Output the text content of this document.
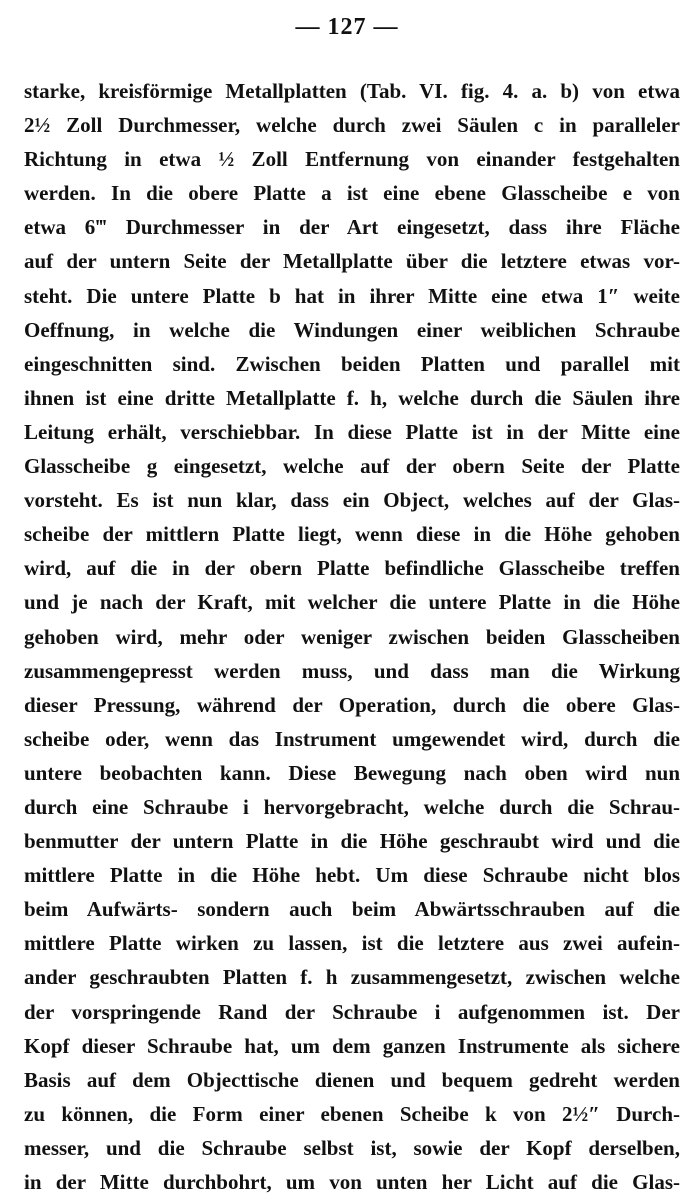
— 127 —
starke, kreisförmige Metallplatten (Tab. VI. fig. 4. a. b) von etwa
2½ Zoll Durchmesser, welche durch zwei Säulen c in paralleler
Richtung in etwa ½ Zoll Entfernung von einander festgehalten
werden. In die obere Platte a ist eine ebene Glasscheibe e von
etwa 6‴ Durchmesser in der Art eingesetzt, dass ihre Fläche
auf der untern Seite der Metallplatte über die letztere etwas vor-
steht. Die untere Platte b hat in ihrer Mitte eine etwa 1″ weite
Oeffnung, in welche die Windungen einer weiblichen Schraube
eingeschnitten sind. Zwischen beiden Platten und parallel mit
ihnen ist eine dritte Metallplatte f. h, welche durch die Säulen ihre
Leitung erhält, verschiebbar. In diese Platte ist in der Mitte eine
Glasscheibe g eingesetzt, welche auf der obern Seite der Platte
vorsteht. Es ist nun klar, dass ein Object, welches auf der Glas-
scheibe der mittlern Platte liegt, wenn diese in die Höhe gehoben
wird, auf die in der obern Platte befindliche Glasscheibe treffen
und je nach der Kraft, mit welcher die untere Platte in die Höhe
gehoben wird, mehr oder weniger zwischen beiden Glasscheiben
zusammengepresst werden muss, und dass man die Wirkung
dieser Pressung, während der Operation, durch die obere Glas-
scheibe oder, wenn das Instrument umgewendet wird, durch die
untere beobachten kann. Diese Bewegung nach oben wird nun
durch eine Schraube i hervorgebracht, welche durch die Schrau-
benmutter der untern Platte in die Höhe geschraubt wird und die
mittlere Platte in die Höhe hebt. Um diese Schraube nicht blos
beim Aufwärts- sondern auch beim Abwärtsschrauben auf die
mittlere Platte wirken zu lassen, ist die letztere aus zwei aufein-
ander geschraubten Platten f. h zusammengesetzt, zwischen welche
der vorspringende Rand der Schraube i aufgenommen ist. Der
Kopf dieser Schraube hat, um dem ganzen Instrumente als sichere
Basis auf dem Objecttische dienen und bequem gedreht werden
zu können, die Form einer ebenen Scheibe k von 2½″ Durch-
messer, und die Schraube selbst ist, sowie der Kopf derselben,
in der Mitte durchbohrt, um von unten her Licht auf die Glas-
